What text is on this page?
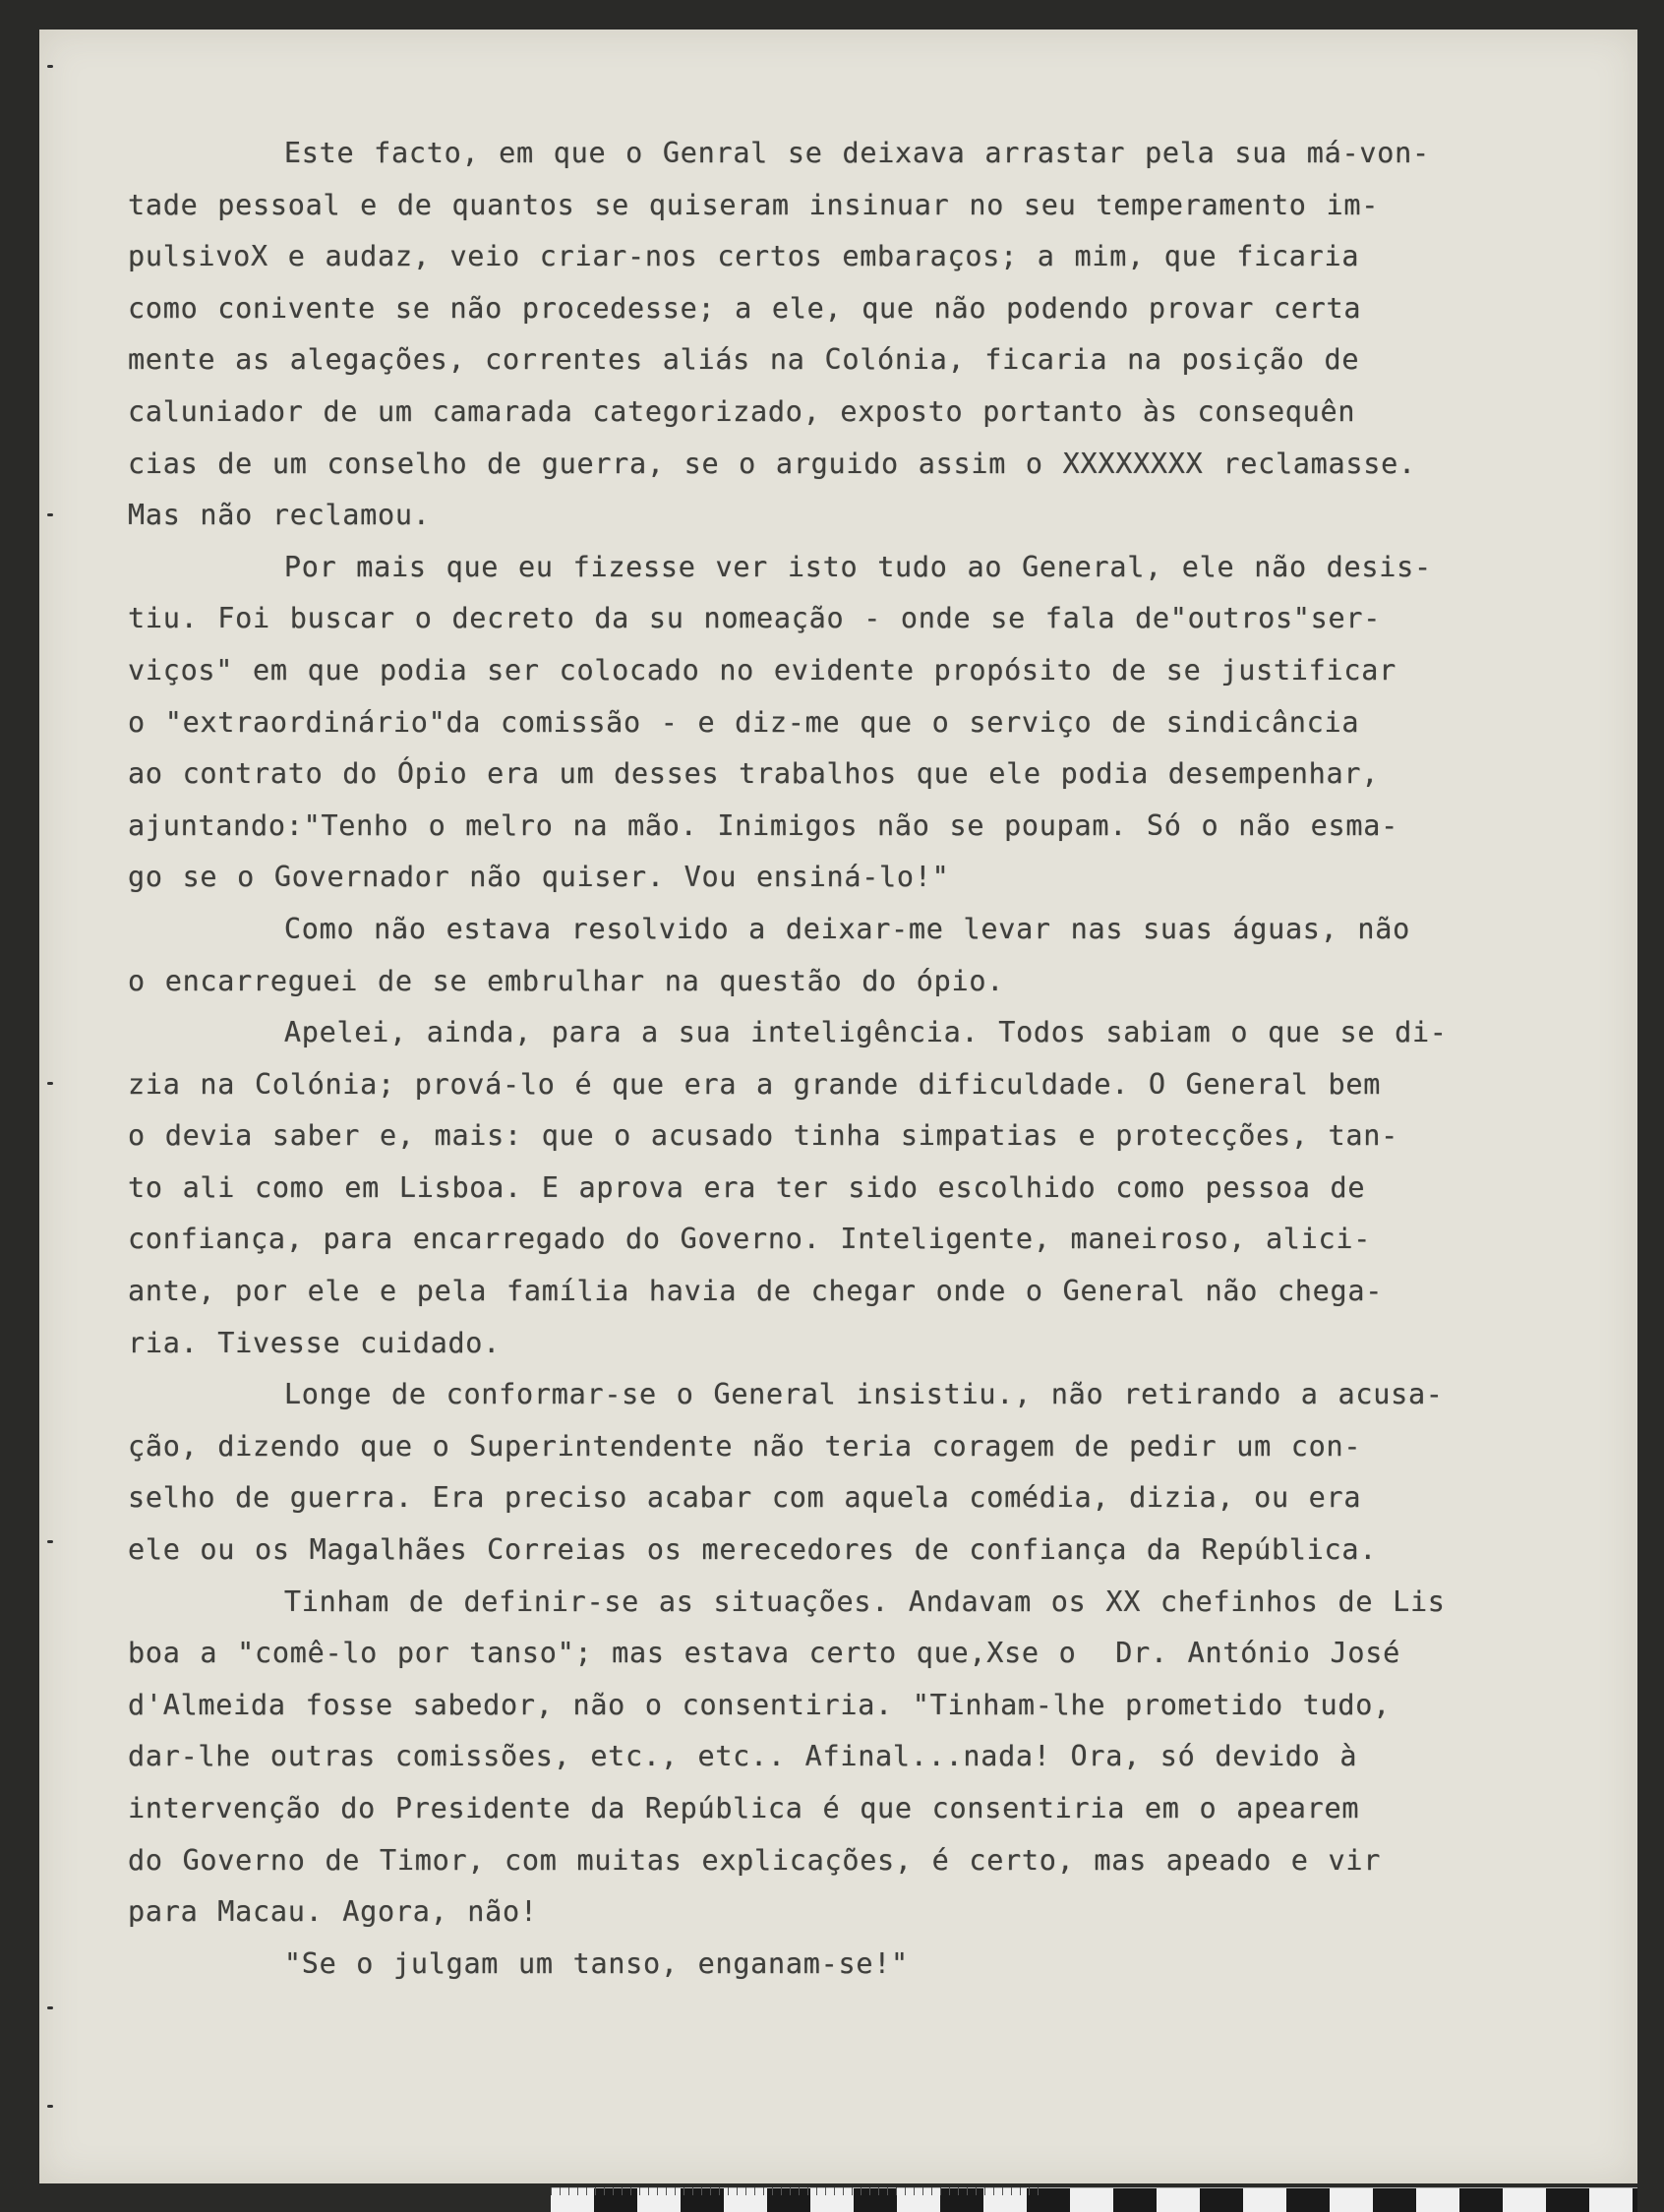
Este facto, em que o Genral se deixava arrastar pela sua má-von-
tade pessoal e de quantos se quiseram insinuar no seu temperamento im-
pulsivoX e audaz, veio criar-nos certos embaraços; a mim, que ficaria
como conivente se não procedesse; a ele, que não podendo provar certa
mente as alegações, correntes aliás na Colónia, ficaria na posição de
caluniador de um camarada categorizado, exposto portanto às consequên
cias de um conselho de guerra, se o arguido assim o XXXXXXXX reclamasse.
Mas não reclamou.
Por mais que eu fizesse ver isto tudo ao General, ele não desis-
tiu. Foi buscar o decreto da su nomeação - onde se fala de"outros"ser-
viços" em que podia ser colocado no evidente propósito de se justificar
o "extraordinário"da comissão - e diz-me que o serviço de sindicância
ao contrato do Ópio era um desses trabalhos que ele podia desempenhar,
ajuntando:"Tenho o melro na mão. Inimigos não se poupam. Só o não esma-
go se o Governador não quiser. Vou ensiná-lo!"
Como não estava resolvido a deixar-me levar nas suas águas, não
o encarreguei de se embrulhar na questão do ópio.
Apelei, ainda, para a sua inteligência. Todos sabiam o que se di-
zia na Colónia; prová-lo é que era a grande dificuldade. O General bem
o devia saber e, mais: que o acusado tinha simpatias e protecções, tan-
to ali como em Lisboa. E aprova era ter sido escolhido como pessoa de
confiança, para encarregado do Governo. Inteligente, maneiroso, alici-
ante, por ele e pela família havia de chegar onde o General não chega-
ria. Tivesse cuidado.
Longe de conformar-se o General insistiu., não retirando a acusa-
ção, dizendo que o Superintendente não teria coragem de pedir um con-
selho de guerra. Era preciso acabar com aquela comédia, dizia, ou era
ele ou os Magalhães Correias os merecedores de confiança da República.
Tinham de definir-se as situações. Andavam os XX chefinhos de Lis
boa a "comê-lo por tanso"; mas estava certo que,Xse o  Dr. António José
d'Almeida fosse sabedor, não o consentiria. "Tinham-lhe prometido tudo,
dar-lhe outras comissões, etc., etc.. Afinal...nada! Ora, só devido à
intervenção do Presidente da República é que consentiria em o apearem
do Governo de Timor, com muitas explicações, é certo, mas apeado e vir
para Macau. Agora, não!
"Se o julgam um tanso, enganam-se!"
